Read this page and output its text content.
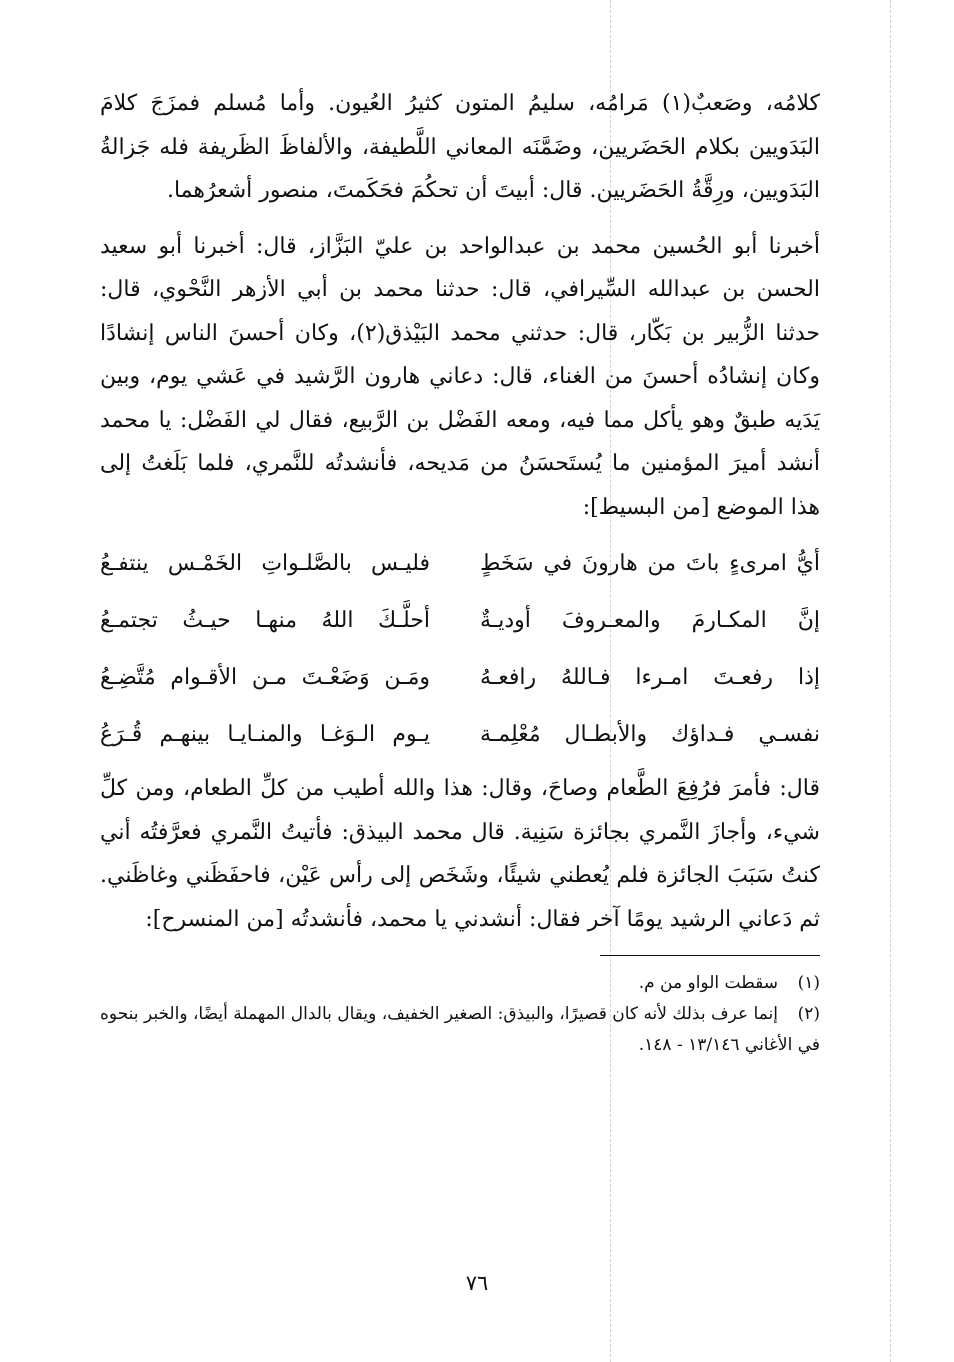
كلامُه، وصَعبٌ(١) مَرامُه، سليمُ المتون كثيرُ العُيون. وأما مُسلم فمزَجَ كلامَ البَدَويين بكلام الحَضَريين، وضَمَّنَه المعاني اللَّطيفة، والألفاظَ الظَريفة فله جَزالةُ البَدَويين، ورِقَّةُ الحَضَريين. قال: أبيتَ أن تحكُمَ فحَكَمتَ، منصور أشعرُهما.

أخبرنا أبو الحُسين محمد بن عبدالواحد بن عليّ البَزَّاز، قال: أخبرنا أبو سعيد الحسن بن عبدالله السِّيرافي، قال: حدثنا محمد بن أبي الأزهر النَّحْوي، قال: حدثنا الزُّبير بن بَكّار، قال: حدثني محمد البَيْذق(٢)، وكان أحسنَ الناس إنشادًا وكان إنشادُه أحسنَ من الغناء، قال: دعاني هارون الرَّشيد في عَشي يوم، وبين يَدَيه طبقٌ وهو يأكل مما فيه، ومعه الفَضْل بن الرَّبيع، فقال لي الفَضْل: يا محمد أنشد أميرَ المؤمنين ما يُستَحسَنُ من مَديحه، فأنشدتُه للنَّمري، فلما بَلَغتُ إلى هذا الموضع [من البسيط]:

أيُّ امرىءٍ باتَ من هارونَ في سَخَطٍ
فليـس بالصَّلـواتِ الخَمْـس ينتفـعُ
إنَّ المكـارمَ والمعـروفَ أوديـةٌ
أحلَّـكَ اللهُ منهـا حيـثُ تجتمـعُ
إذا رفعـتَ امـرءا فـاللهُ رافعـهُ
ومَـن وَضَعْـتَ مـن الأقـوام مُتَّضِـعُ
نفسـي فـداؤك والأبطـال مُعْلِمـة
يـوم الـوَغـا والمنـايـا بينهـم قُـرَعُ

قال: فأمرَ فرُفِعَ الطَّعام وصاحَ، وقال: هذا والله أطيب من كلِّ الطعام، ومن كلِّ شيء، وأجازَ النَّمري بجائزة سَنِية. قال محمد البيذق: فأتيتُ النَّمري فعرَّفتُه أني كنتُ سَبَبَ الجائزة فلم يُعطني شيئًا، وشَخَص إلى رأس عَيْن، فاحفَظَني وغاظَني. ثم دَعاني الرشيد يومًا آخر فقال: أنشدني يا محمد، فأنشدتُه [من المنسرح]:

(١)سقطت الواو من م.

(٢)إنما عرف بذلك لأنه كان قصيرًا، والبيذق: الصغير الخفيف، ويقال بالدال المهملة أيضًا، والخبر بنحوه في الأغاني ١٣/١٤٦ - ١٤٨.

٧٦
